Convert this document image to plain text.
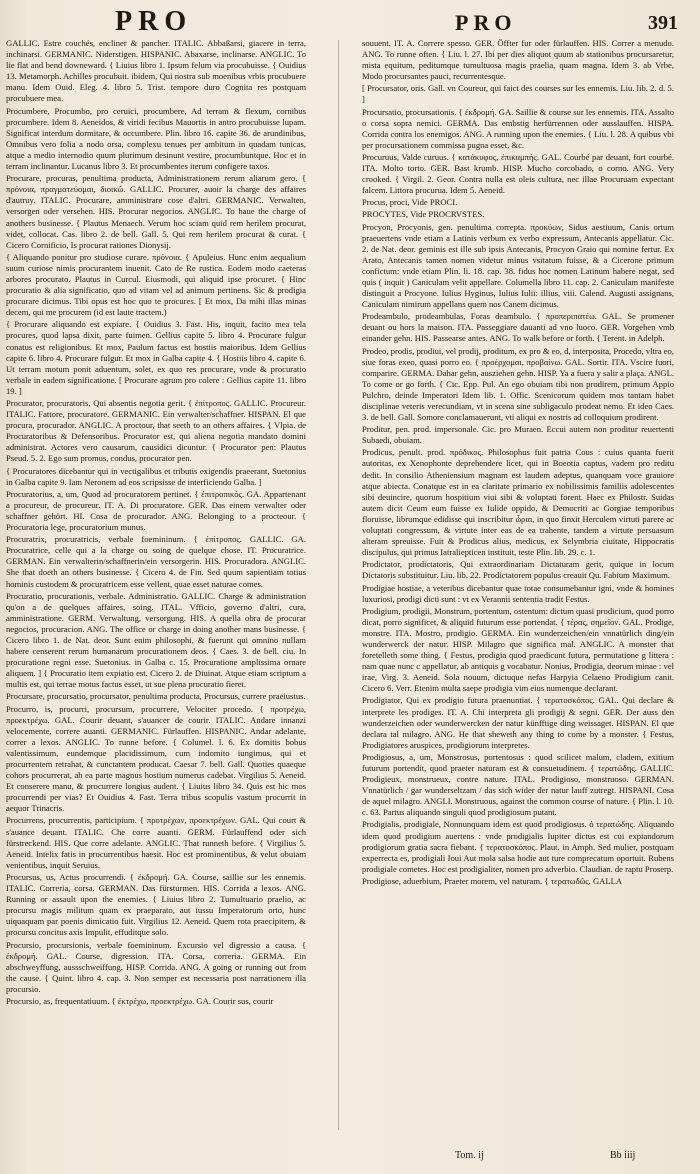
PRO	PRO	391

GALLIC. Estre couchés, encliner & pancher. ITALIC. Abbaßarsi, giacere in terra, inchinarsi. GERMANIC. Niderstigen. HISPANIC. Abaxarse, inclinarse. ANGLIC. To lie flat and bend downeward. { Liuius libro 1. Ipsum felum via procubuisse. { Ouidius 13. Metamorph. Achilles procubuit. ibidem, Qui nostra sub moenibus vrbis procubuere manu. Idem Ouid. Eleg. 4. libro 5. Trist. tempore duro Cognita res postquam procubuere mea.

Procumbere, Procumbo, pro ceruici, procumbere, Ad terram & flexum, cornibus procumbere. Idem 8. Aeneidos, & viridi fecibus Mauortis in antro procubuisse lupam. Significat interdum dormitare, & occumbere. Plin. libro 16. capite 36. de arundinibus, Omnibus vero folia a nodo orsa, complexu tenues per ambitum in quadam tunicas, atque a medio internodio quum plurimum desinunt vestire, procumbuntque. Hoc et in terram inclinantur. Lucanus libro 3. Et procumbentes iterum configere taxos.

Procurare, procuras, penultima producta, Administrationem rerum aliarum gero. { πρόνοια, πραγματεύομαι, διοικῶ. GALLIC. Procurer, auoir la charge des affaires d'autruy. ITALIC. Procurare, amministrare cose d'altri. GERMANIC. Verwalten, versorgen oder versehen. HIS. Procurar negocios. ANGLIC. To haue the charge of anothers businesse. { Plautus Menaech. Verum hoc sciam quid rem herilem procurat, videt, collocat. Cas. libro 2. de bell. Gall. 5. Qui rem herilem procurat & curat. { Cicero Cornificio, Is procurat rationes Dionysij.

{ Aliquando ponitur pro studiose curare. πρόνοια. { Apuleius. Hunc enim aequalium suum curiose nimis procurantem inuenit. Cato de Re rustica. Eodem modo caeteras arbores procurato. Plautus in Curcul. Eiusmodi, qui aliquid ipse procuret. { Hinc procuratio & alia significatio, quo ad vitam vel ad animum pertinens. Sic & prodigia procurare dicimus. Tibi opus est hoc quo te procures. [ Et mox, Da mihi illas minas decem, qui me procurem (id est laute tractem.)

{ Procurare aliquando est expiare. { Ouidius 3. Fast. His, inquit, facito mea tela procures, quod lapsa dixit, parte fuimen. Gellius capite 5. libro 4. Procurare fulgur conatus est religionibus. Et mox, Paulum factus est hostiis maioribus. Idem Gellius capite 6. libro 4. Procurare fulgur. Et mox in Galba capite 4. { Hostiis libro 4. capite 6. Ut terram motum ponit aduentum, solet, ex quo res procurare, vnde & procuratio verbale in eadem significatione. [ Procurare agrum pro colere : Gellius capite 11. libro 19. ]

Procurator, procuratoris, Qui absentis negotia gerit. { ἐπίτροπος. GALLIC. Procureur. ITALIC. Fattore, procuratore. GERMANIC. Ein verwalter/schaffner. HISPAN. El que procura, procurador. ANGLIC. A proctour, that seeth to an others affaires. { Vlpia. de Procuratoribus & Defensoribus. Procurator est, qui aliena negotia mandato domini administrat. Actores vero causarum, causidici dicuntur. { Procurator pen: Plautus Pseud. 5. 2. Ego sum promus, condus, procurator pen.

{ Procuratores dicebantur qui in vectigalibus et tributis exigendis praeerant, Suetonius in Galba capite 9. Iam Neronem ad eos scripsisse de interficiendo Galba. ]

Procuratorius, a, um, Quod ad procuratorem pertinet. { ἐπιτροπικός. GA. Appartenant a procureur, de procureur. IT. A. Di procuratore. GER. Das einem verwalter oder schaffner gehört. HI. Cosa de procurador. ANG. Belonging to a procteour. { Procuratoria lege, procuratorium munus.

Procuratrix, procuratricis, verbale foemininum. { ἐπίτροπος. GALLIC. GA. Procuratrice, celle qui a la charge ou soing de quelque chose. IT. Procuratrice. GERMAN. Ein verwalterin/schaffnerin/ein versorgerin. HIS. Procuradora. ANGLIC. She that doeth an others businesse. { Cicero 4. de Fin. Sed quum sapientiam totius hominis custodem & procuratricem esse vellent, quae esset naturae comes.

Procuratio, procurationis, verbale. Administratio. GALLIC. Charge & administration qu'on a de quelques affaires, soing. ITAL. Vfficio, governo d'altri, cura, amministratione. GERM. Verwaltung, versorgung. HIS. A quella obra de procurar negocios, procuracion. ANG. The office or charge in doing another mans businesse. { Cicero libro 1. de Nat. deor. Sunt enim philosophi, & fuerunt qui omnino nullam habere censerent rerum humanarum procurationem deos. { Caes. 3. de bell. ciu. In procuratione regni esse. Suetonius. in Galba c. 15. Procuratione amplissima ornare aliquem. ] { Procuratio item expiatio est. Cicero 2. de Diuinat. Atque etiam scriptum a multis est, qui terrae motus factus esset, ut sue plena procuratio fieret.

Procursare, procursatio, procursator, penultima producta, Procursus, currere praeiustus.

Procurro, is, procurri, procursum, procurrere, Velociter procedo. { προτρέχω, προεκτρέχω. GAL. Courir deuant, s'auancer de courir. ITALIC. Andare innanzi velocemente, correre auanti. GERMANIC. Fürlauffen. HISPANIC. Andar adelante, correr a lexos. ANGLIC. To runne before. { Columel. l. 6. Ex domitis bobus valentissimum, eundemque placidissimum, cum indomito iungimus, qui et procurrentem retrahat, & cunctantem producat. Caesar 7. bell. Gall. Quoties quaeque cohors procurrerat, ab ea parte magnus hostium numerus cadebat. Virgilius 5. Aeneid. Et conserere manu, & procurrere longius audent. { Liuius libro 34. Quis est hic mos procurrendi per vias? Et Ouidius 4. Fast. Terra tribus scopulis vastum procurrit in aequor Trinacris.

Procurrens, procurrentis, participium. { προτρέχων, προεκτρέχων. GAL. Qui court & s'auance deuant. ITALIC. Che corre auanti. GERM. Fürlauffend oder sich fürstreckend. HIS. Que corre adelante. ANGLIC. That runneth before. { Virgilius 5. Aeneid. Intelix fatis in procurrentibus haesit. Hoc est prominentibus, & velut obuiam venientibus, inquit Seruius.

Procursus, us, Actus procurrendi. { ἐκδρομή. GA. Course, saillie sur les ennemis. ITALIC. Correria, corsa. GERMAN. Das fürsturmen. HIS. Corrida a lexos. ANG. Running or assault upon the enemies. { Liuius libro 2. Tumultuario praelio, ac procursu magis militum quam ex praeparato, aut iussu Imperatorum orto, hunc uiquaquam par poenis dimicatio fuit. Virgilius 12. Aeneid. Quem rota praecipitem, & procursu concitus axis Impulit, effuditque solo.

Procursio, procursionis, verbale foemininum. Excursio vel digressio a causa. { ἐκδρομή. GAL. Course, digression. ITA. Corsa, correria. GERMA. Ein abschweyffung, aussschweiffung. HISP. Corrida. ANG. A going or running out from the cause. { Quint. libro 4. cap. 3. Non semper est necessaria post narrationem illa procursio.

Procursio, as, frequentatiuum. { ἐκτρέχω, προεκτρέχω. GA. Courir sus, courir

souuent. IT. A. Correre spesso. GER. Öffter fur oder fürlauffen. HIS. Correr a menudo. ANG. To runne often. { Liu. l. 27. Ibi per dies aliquot quum ab stationibus procursaretur, mista equitum, peditumque tumultuosa magis praelia, quam magna. Idem 3. ab Vrbe, Modo procursantes pauci, recurrentesque.

[ Procursator, oris. Gall. vn Coureur, qui faict des courses sur les ennemis. Liu. lib. 2. d. 5. ]

Procursatio, procursationis. { ἐκδρομή. GA. Saillie & course sur les ennemis. ITA. Assalto o corsa sopra nemici. GERMA. Das embstig herfürrennen oder ausslauffen. HISPA. Corrida contra los enemigos. ANG. A running upon the enemies. { Liu. l. 28. A quibus vbi per procursationem commissa pugna esset, &c.

Procuruus, Valde curuus. { κατάκυφος, ἐπικαμπής. GAL. Courbé par deuant, fort courbé. ITA. Molto torto. GER. Bast krumb. HISP. Mucho corcobado, o corno. ANG. Very crooked. { Virgil. 2. Geor. Contra nulla est oleis cultura, nec illae Procuruam expectant falcem. Littora procurua. Idem 5. Aeneid.

Procus, proci, Vide PROCI.

PROCYTES, Vide PROCRVSTES.

Procyon, Procyonis, gen. penultima correpta. προκύων, Sidus aestiuum, Canis ortum praeuertens vnde etiam a Latinis verbum ex verbo expressum, Antecanis appellatur. Cic. 2. de Nat. deor. geminis est ille sub ipsis Antecanis, Procyon Graio qui nomine fertur. Ex Arato, Antecanis tamen nomen videtur minus vsitatum fuisse, & a Cicerone primum confictum: vnde etiam Plin. li. 18. cap. 38. fidus hoc nomen Latinum habere negat, sed quis ( inquit ) Caniculam velit appellare. Columella libro 11. cap. 2. Caniculam manifeste distinguit a Procyone. Iulius Hyginus, Iulius Iulii: illius, viii. Calend. Augusti assignans, Caniculam nimirum appellans quem nos Canem dicimus.

Prodeambulo, prodeambulas, Foras deambulo. { προπεριπατέω. GAL. Se promener deuant ou hors la maison. ITA. Passeggiare dauanti ad vno luoco. GER. Vorgehen vmb einander gehn. HIS. Passearse antes. ANG. To walk before or forth. { Terent. in Adelph.

Prodeo, prodis, prodiui, vel prodij, proditum, ex pro & eo, d, interposita, Procedo, vltra eo, siue foras exeo, quasi porro eo. { προέρχομαι, προβαίνω. GAL. Sortir. ITA. Vscire fuori, comparire. GERMA. Dahar gehn, ausziehen gehn. HISP. Ya a fuera y salir a plaça. ANGL. To come or go forth. { Cic. Epp. Pul. An ego obuiam tibi non prodirem, primum Appio Pulchro, deinde Imperatori Idem lib. 1. Offic. Scenicorum quidem mos tantam habet disciplinae veteris verecundiam, vt in scena sine subligaculo prodeat nemo. Et ideo Caes. 3. de bell. Gall. Somore conclamauerunt, vti aliqui ex nostris ad colloquium prodirent.

Proditur, pen. prod. impersonale. Cic. pro Muraen. Eccui autem non proditur reuertenti Subaedi, obuiam.

Prodicus, penult. prod. πρόδικος. Philosophus fuit patria Cous : cuius quanta fuerit autoritas, ex Xenophonte deprehendere licet, qui in Boeotia captus, vadem pro reditu dedit. In consilio Atheniensium magnam est laudem adeptus, quanquam voce grauiore atque abiecta. Conatque est in ea claritate primario ex nobilissimis familiis adolescentes sibi deuincire, quorum hospitium viui sibi & voluptati forent. Haec ex Philostr. Suidas autem dicit Ceum eum fuisse ex Iulide oppido, & Democriti ac Gorgiae temporibus floruisse, librumque edidisse qui inscribitur ὧραι, in quo finxit Herculem virtuti parere ac voluptati congressum, & virtute inter eas de ea trahente, tandem a virtute persuasum alteram spreuisse. Fuit & Prodicus alius, medicus, ex Selymbria ciuitate, Hippocratis discipulus, qui primus Iatraliepticen instituit, teste Plin. lib. 29. c. 1.

Prodictator, prodictatoris, Qui extraordinariam Dictaturam gerit, quique in locum Dictatoris substituitur. Liu. lib. 22. Prodictatorem populus creauit Qu. Fabium Maximum.

Prodigiae hostiae, a veteribus dicebantur quae totae consumebantur igni, vnde & homines luxuriosi, prodigi dicti sunt : vt ex Verannii sententia tradit Festus.

Prodigium, prodigii, Monstrum, portentum, ostentum: dictum quasi prodicium, quod porro dicat, porro significet, & aliquid futurum esse portendat. { τέρας, σημεῖον. GAL. Prodige, monstre. ITA. Mostro, prodigio. GERMA. Ein wunderzeichen/ein vnnatürlich ding/ein wunderwerck der natur. HISP. Milagro que significa mal. ANGLIC. A monster that foretelleth some thing. { Festus, prodigia quod praedicunt futura, permutatione g littera : nam quae nunc c appellatur, ab antiquis g vocabatur. Nonius, Prodigia, deorum minae : vel irae, Virg. 3. Aeneid. Sola nouum, dictuque nefas Harpyia Celaeno Prodigium canit. Cicero 6. Verr. Etenim multa saepe prodigia vim eius numenque declarant.

Prodigiator, Qui ex prodigio futura praenuntiat. { τερατοσκόπος. GAL. Qui declare & interprete les prodiges. IT. A. Chi interpreta gli prodigij & segni. GER. Der auss den wunderzeichen oder wunderwercken der natur künfftige ding weissaget. HISPAN. El que declara tal milagro. ANG. He that sheweth any thing to come by a monster. { Festus, Prodigiatores aruspices, prodigiorum interpretes.

Prodigiosus, a, um, Monstrosus, portentosus : quod scilicet malum, cladem, exitium futurum portendit, quod praeter naturam est & consuetudinem. { τερατώδης. GALLIC. Prodigieux, monstrueux, contre nature. ITAL. Prodigioso, monstruoso. GERMAN. Vnnatürlich / gar wunderseltzam / das sich wider der natur lauff zutregt. HISPANI. Cosa de aquel milagro. ANGLI. Monstruous, against the common course of nature. { Plin. l. 10. c. 63. Partus aliquando singuli quod prodigiosum putant.

Prodigialis, prodigiale, Nonnunquam idem est quod prodigiosus. ὁ τερατώδης. Aliquando idem quod prodigium auertens : vnde prodigialis Iupiter dictus est cui expiandorum prodigiorum gratia sacra fiebant. { τερατοσκόπος. Plaut. in Amph. Sed mulier, postquam experrecta es, prodigiali Ioui Aut mola salsa hodie aut ture comprecatum oportuit. Rubens prodigiale cometes. Hoc est prodigialiter, nomen pro adverbio. Claudian. de raptu Proserp.

Prodigiose, aduerbium, Praeter morem, vel naturam. { τερατωδῶς. GALLA

Tom. ij	Bb iiij
